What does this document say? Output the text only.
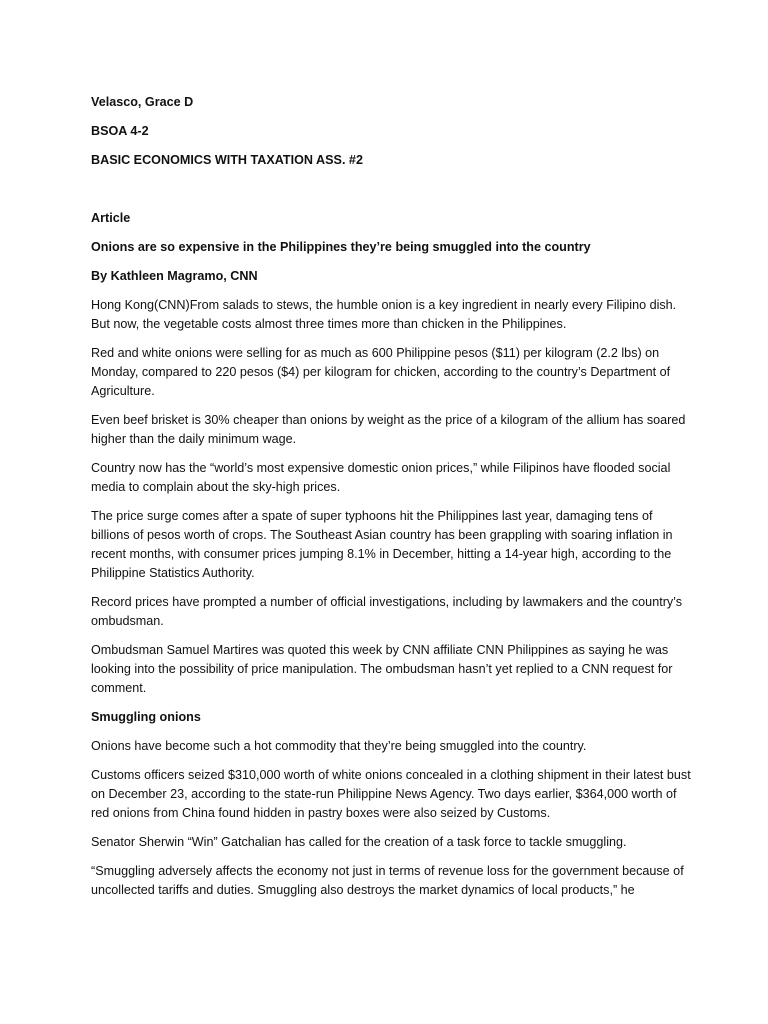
Velasco, Grace D
BSOA 4-2
BASIC ECONOMICS WITH TAXATION ASS. #2
Article
Onions are so expensive in the Philippines they’re being smuggled into the country
By Kathleen Magramo, CNN

Hong Kong(CNN)From salads to stews, the humble onion is a key ingredient in nearly every Filipino dish. But now, the vegetable costs almost three times more than chicken in the Philippines.

Red and white onions were selling for as much as 600 Philippine pesos ($11) per kilogram (2.2 lbs) on Monday, compared to 220 pesos ($4) per kilogram for chicken, according to the country’s Department of Agriculture.

Even beef brisket is 30% cheaper than onions by weight as the price of a kilogram of the allium has soared higher than the daily minimum wage.

Country now has the “world’s most expensive domestic onion prices,” while Filipinos have flooded social media to complain about the sky-high prices.

The price surge comes after a spate of super typhoons hit the Philippines last year, damaging tens of billions of pesos worth of crops. The Southeast Asian country has been grappling with soaring inflation in recent months, with consumer prices jumping 8.1% in December, hitting a 14-year high, according to the Philippine Statistics Authority.

Record prices have prompted a number of official investigations, including by lawmakers and the country’s ombudsman.

Ombudsman Samuel Martires was quoted this week by CNN affiliate CNN Philippines as saying he was looking into the possibility of price manipulation. The ombudsman hasn’t yet replied to a CNN request for comment.

Smuggling onions

Onions have become such a hot commodity that they’re being smuggled into the country.

Customs officers seized $310,000 worth of white onions concealed in a clothing shipment in their latest bust on December 23, according to the state-run Philippine News Agency. Two days earlier, $364,000 worth of red onions from China found hidden in pastry boxes were also seized by Customs.

Senator Sherwin “Win” Gatchalian has called for the creation of a task force to tackle smuggling.

“Smuggling adversely affects the economy not just in terms of revenue loss for the government because of uncollected tariffs and duties. Smuggling also destroys the market dynamics of local products,” he
